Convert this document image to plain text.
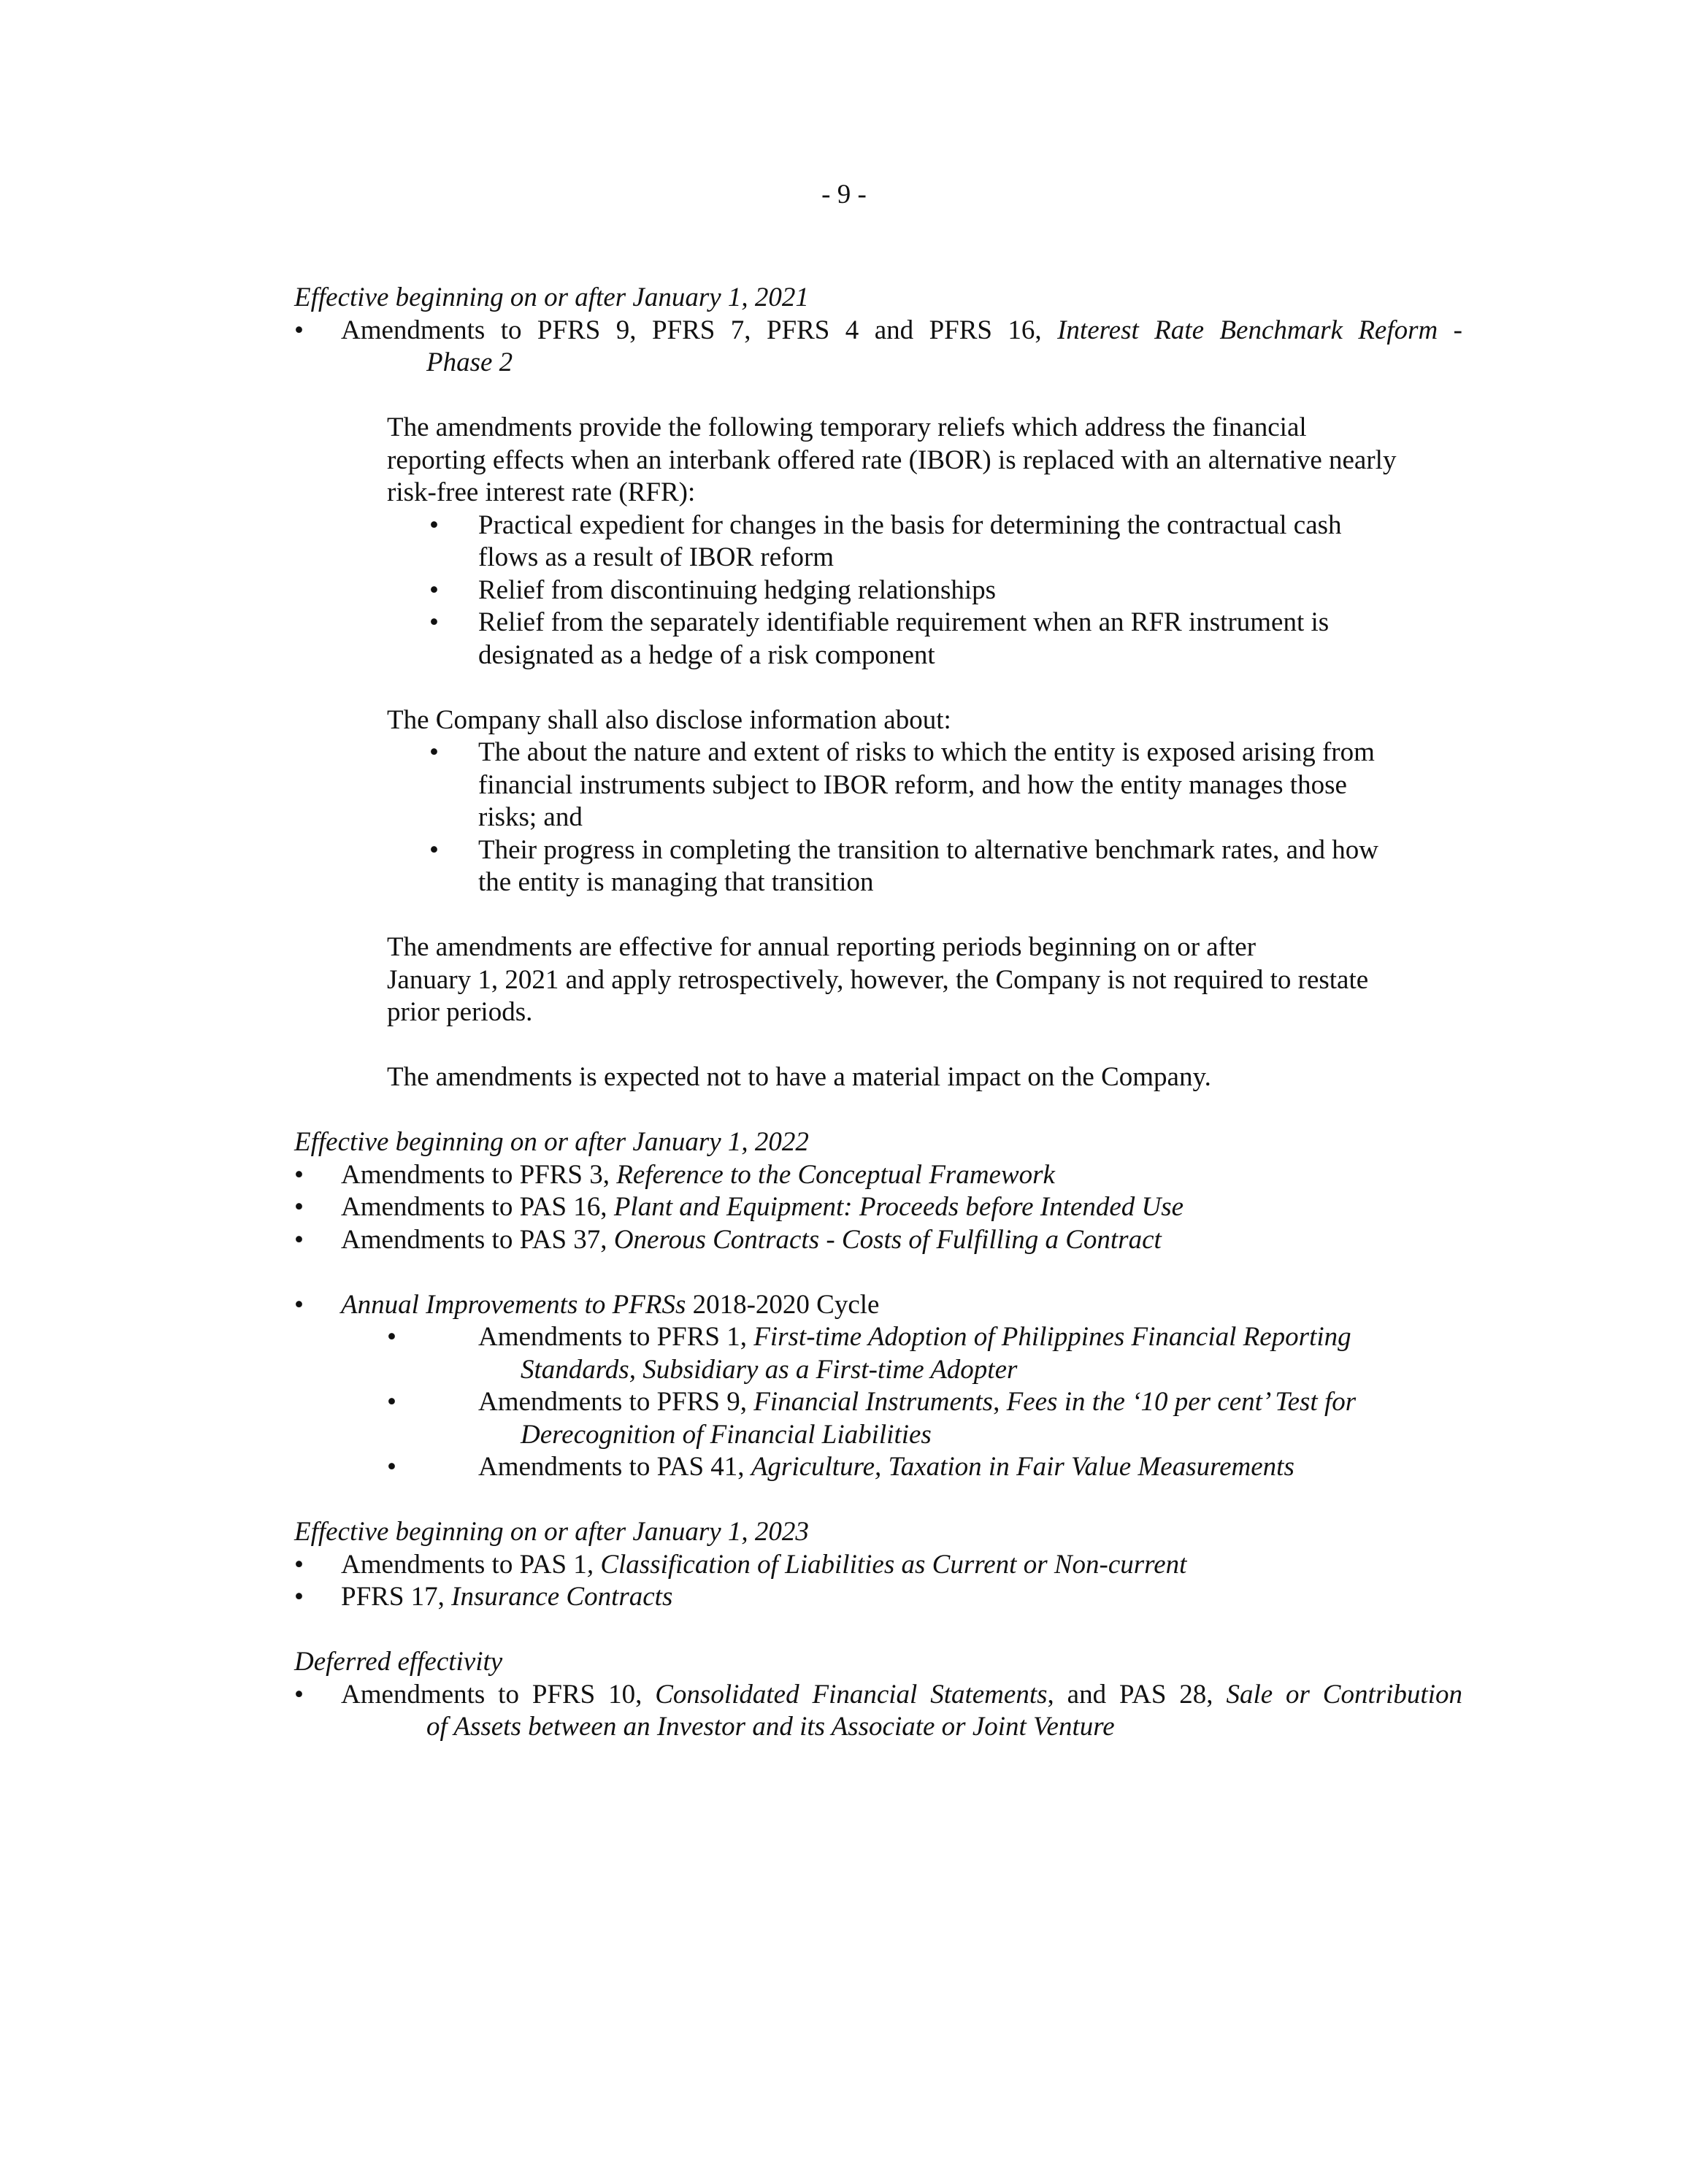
- 9 -

Effective beginning on or after January 1, 2021

• Amendments to PFRS 9, PFRS 7, PFRS 4 and PFRS 16, Interest Rate Benchmark Reform -
Phase 2

The amendments provide the following temporary reliefs which address the financial

reporting effects when an interbank offered rate (IBOR) is replaced with an alternative nearly

risk-free interest rate (RFR):

• Practical expedient for changes in the basis for determining the contractual cash
flows as a result of IBOR reform
• Relief from discontinuing hedging relationships
• Relief from the separately identifiable requirement when an RFR instrument is
designated as a hedge of a risk component

The Company shall also disclose information about:

• The about the nature and extent of risks to which the entity is exposed arising from
financial instruments subject to IBOR reform, and how the entity manages those
risks; and
• Their progress in completing the transition to alternative benchmark rates, and how
the entity is managing that transition

The amendments are effective for annual reporting periods beginning on or after

January 1, 2021 and apply retrospectively, however, the Company is not required to restate

prior periods.

The amendments is expected not to have a material impact on the Company.

Effective beginning on or after January 1, 2022

• Amendments to PFRS 3, Reference to the Conceptual Framework
• Amendments to PAS 16, Plant and Equipment: Proceeds before Intended Use
• Amendments to PAS 37, Onerous Contracts - Costs of Fulfilling a Contract
• Annual Improvements to PFRSs 2018-2020 Cycle
•	Amendments to PFRS 1, First-time Adoption of Philippines Financial Reporting
Standards, Subsidiary as a First-time Adopter
•	Amendments to PFRS 9, Financial Instruments, Fees in the ‘10 per cent’ Test for
Derecognition of Financial Liabilities
•	Amendments to PAS 41, Agriculture, Taxation in Fair Value Measurements

Effective beginning on or after January 1, 2023

• Amendments to PAS 1, Classification of Liabilities as Current or Non-current
• PFRS 17, Insurance Contracts

Deferred effectivity

• Amendments to PFRS 10, Consolidated Financial Statements, and PAS 28, Sale or Contribution
of Assets between an Investor and its Associate or Joint Venture
